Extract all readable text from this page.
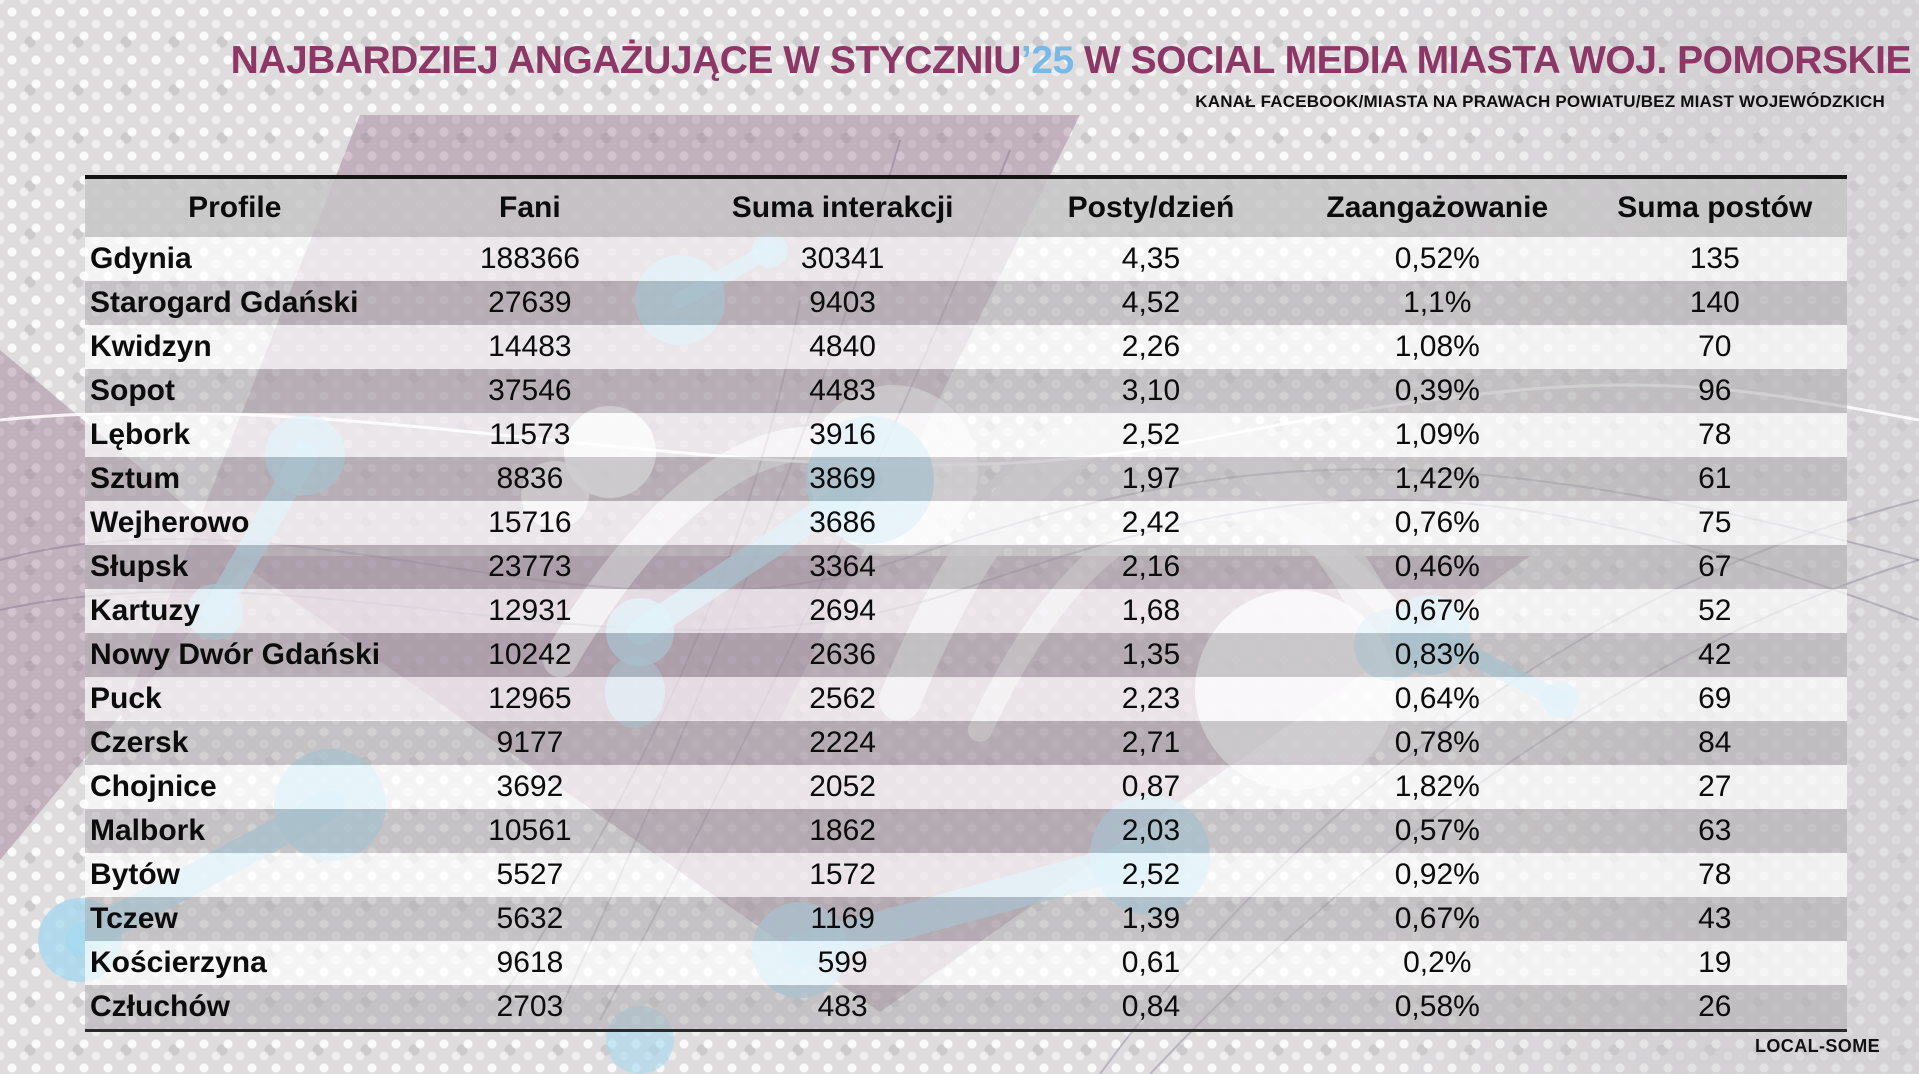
NAJBARDZIEJ ANGAŻUJĄCE W STYCZNIU’25 W SOCIAL MEDIA MIASTA WOJ. POMORSKIE
KANAŁ FACEBOOK/MIASTA NA PRAWACH POWIATU/BEZ MIAST WOJEWÓDZKICH
Profile	Fani	Suma interakcji	Posty/dzień	Zaangażowanie	Suma postów
Gdynia	188366	30341	4,35	0,52%	135
Starogard Gdański	27639	9403	4,52	1,1%	140
Kwidzyn	14483	4840	2,26	1,08%	70
Sopot	37546	4483	3,10	0,39%	96
Lębork	11573	3916	2,52	1,09%	78
Sztum	8836	3869	1,97	1,42%	61
Wejherowo	15716	3686	2,42	0,76%	75
Słupsk	23773	3364	2,16	0,46%	67
Kartuzy	12931	2694	1,68	0,67%	52
Nowy Dwór Gdański	10242	2636	1,35	0,83%	42
Puck	12965	2562	2,23	0,64%	69
Czersk	9177	2224	2,71	0,78%	84
Chojnice	3692	2052	0,87	1,82%	27
Malbork	10561	1862	2,03	0,57%	63
Bytów	5527	1572	2,52	0,92%	78
Tczew	5632	1169	1,39	0,67%	43
Kościerzyna	9618	599	0,61	0,2%	19
Człuchów	2703	483	0,84	0,58%	26
LOCAL-SOME
